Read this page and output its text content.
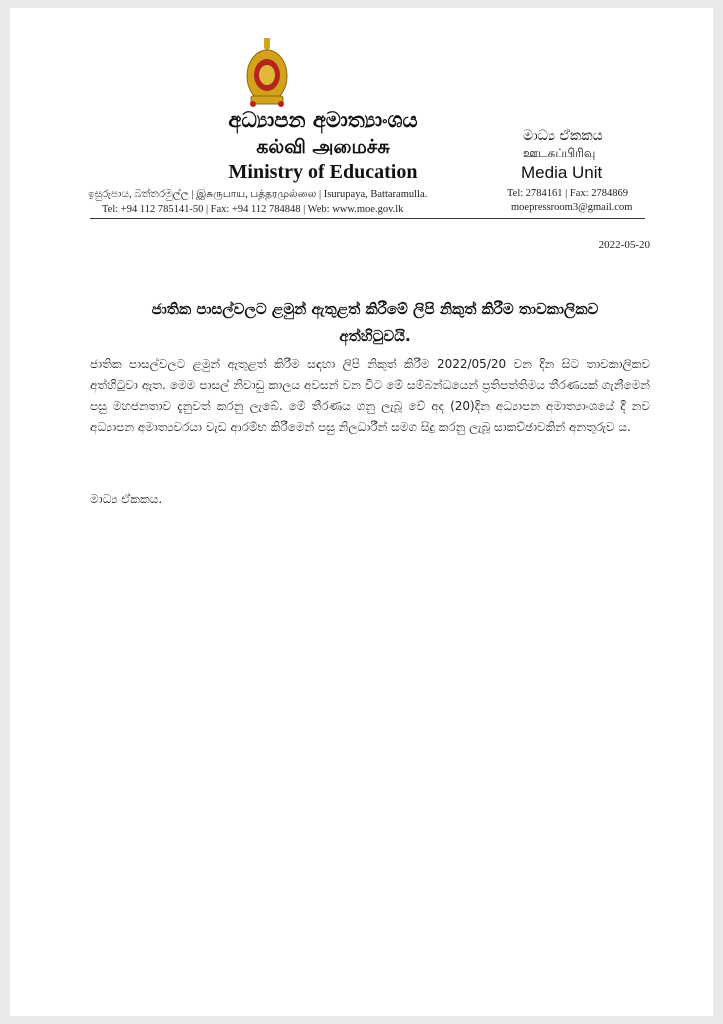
අධ්‍යාපන අමාත්‍යාංශය
கல்வி அமைச்சு
Ministry of Education
ඉසුරුපාය, බත්තරමුල්ල | இசுருபாய, பத்தரமுல்லை | Isurupaya, Battaramulla.
Tel: +94 112 785141-50 | Fax: +94 112 784848 | Web: www.moe.gov.lk
මාධ්‍ය ඒකකය
ஊடகப்பிரிவு
Media Unit
Tel: 2784161 | Fax: 2784869
moepressroom3@gmail.com
2022-05-20
ජාතික පාසල්වලට ළමුන් ඇතුළත් කිරීමේ ලිපි නිකුත් කිරීම තාවකාලිකව අත්හිටුවයි.
ජාතික පාසල්වලට ළමුන් ඇතුළත් කිරීම සඳහා ලිපි නිකුත් කිරීම 2022/05/20 වන දින සිට තාවකාලිකව අත්හිටුවා ඇත. මෙම පාසල් නිවාඩු කාලය අවසන් වන විට මේ සම්බන්ධයෙන් ප්‍රතිපත්තිමය තීරණයක් ගැනීමෙන් පසු මහජනතාව දැනුවත් කරනු ලැබේ. මේ තීරණය ගනු ලැබූ වේ අද (20)දින අධ්‍යාපන අමාත්‍යාංශයේ දී නව අධ්‍යාපන අමාත්‍යවරයා වැඩ ආරම්භ කිරීමෙන් පසු නිලධාරීන් සමග සිදු කරනු ලැබූ සාකච්ඡාවකින් අනතුරුව ය.
මාධ්‍ය ඒකකය.
